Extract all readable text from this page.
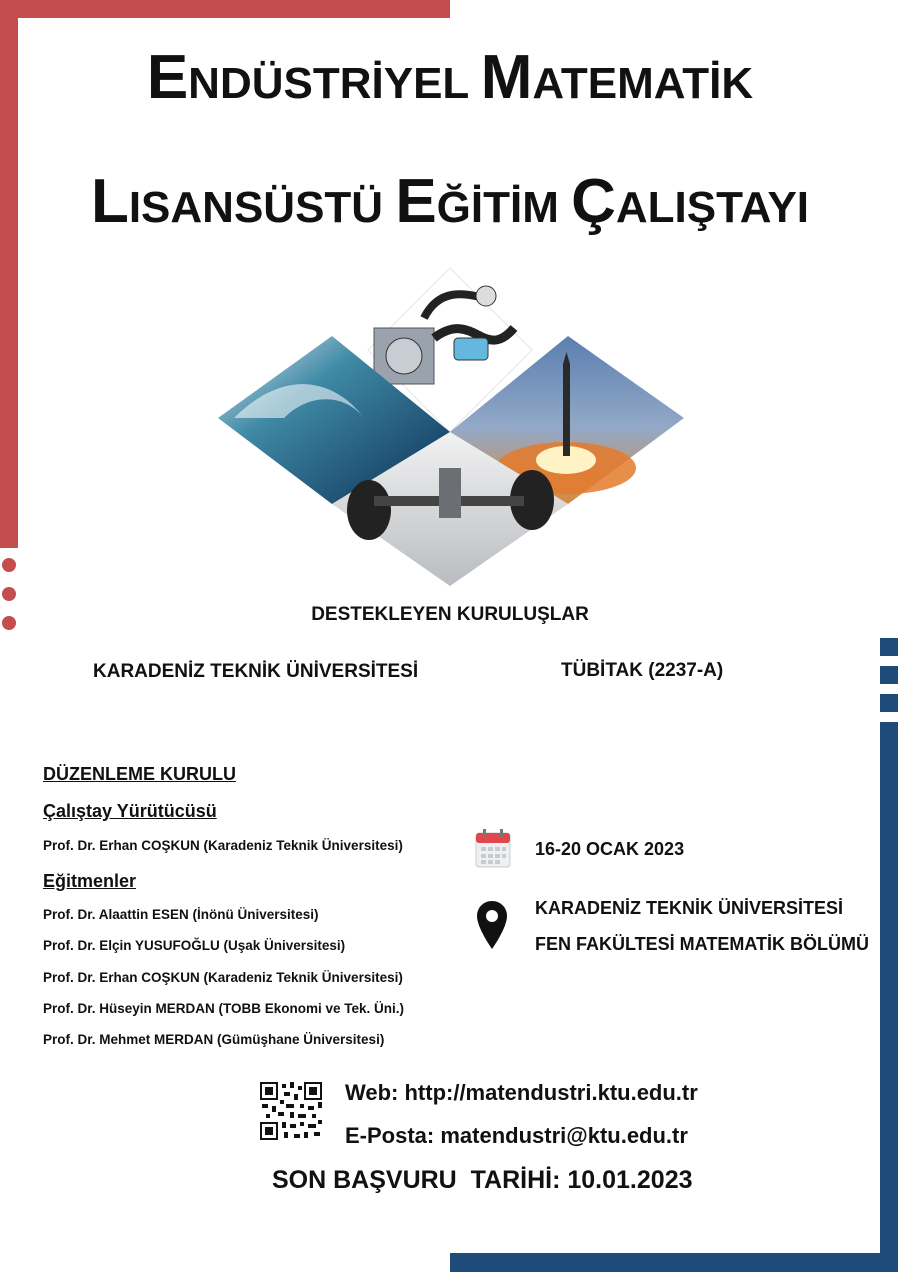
ENDÜSTRİYEL MATEMATİK
LISANSÜSTÜ EĞİTİM ÇALIŞTAYI
DESTEKLEYEN KURULUŞLAR
KARADENİZ TEKNİK ÜNİVERSİTESİ	TÜBİTAK (2237-A)
DÜZENLEME KURULU
Çalıştay Yürütücüsü
Prof. Dr. Erhan COŞKUN (Karadeniz Teknik Üniversitesi)
Eğitmenler
Prof. Dr. Alaattin ESEN (İnönü Üniversitesi)
Prof. Dr. Elçin YUSUFOĞLU (Uşak Üniversitesi)
Prof. Dr. Erhan COŞKUN (Karadeniz Teknik Üniversitesi)
Prof. Dr. Hüseyin MERDAN (TOBB Ekonomi ve Tek. Üni.)
Prof. Dr. Mehmet MERDAN (Gümüşhane Üniversitesi)
16-20 OCAK 2023
KARADENİZ TEKNİK ÜNİVERSİTESİ
FEN FAKÜLTESİ MATEMATİK BÖLÜMÜ
Web: http://matendustri.ktu.edu.tr
E-Posta: matendustri@ktu.edu.tr
SON BAŞVURU  TARİHİ: 10.01.2023
